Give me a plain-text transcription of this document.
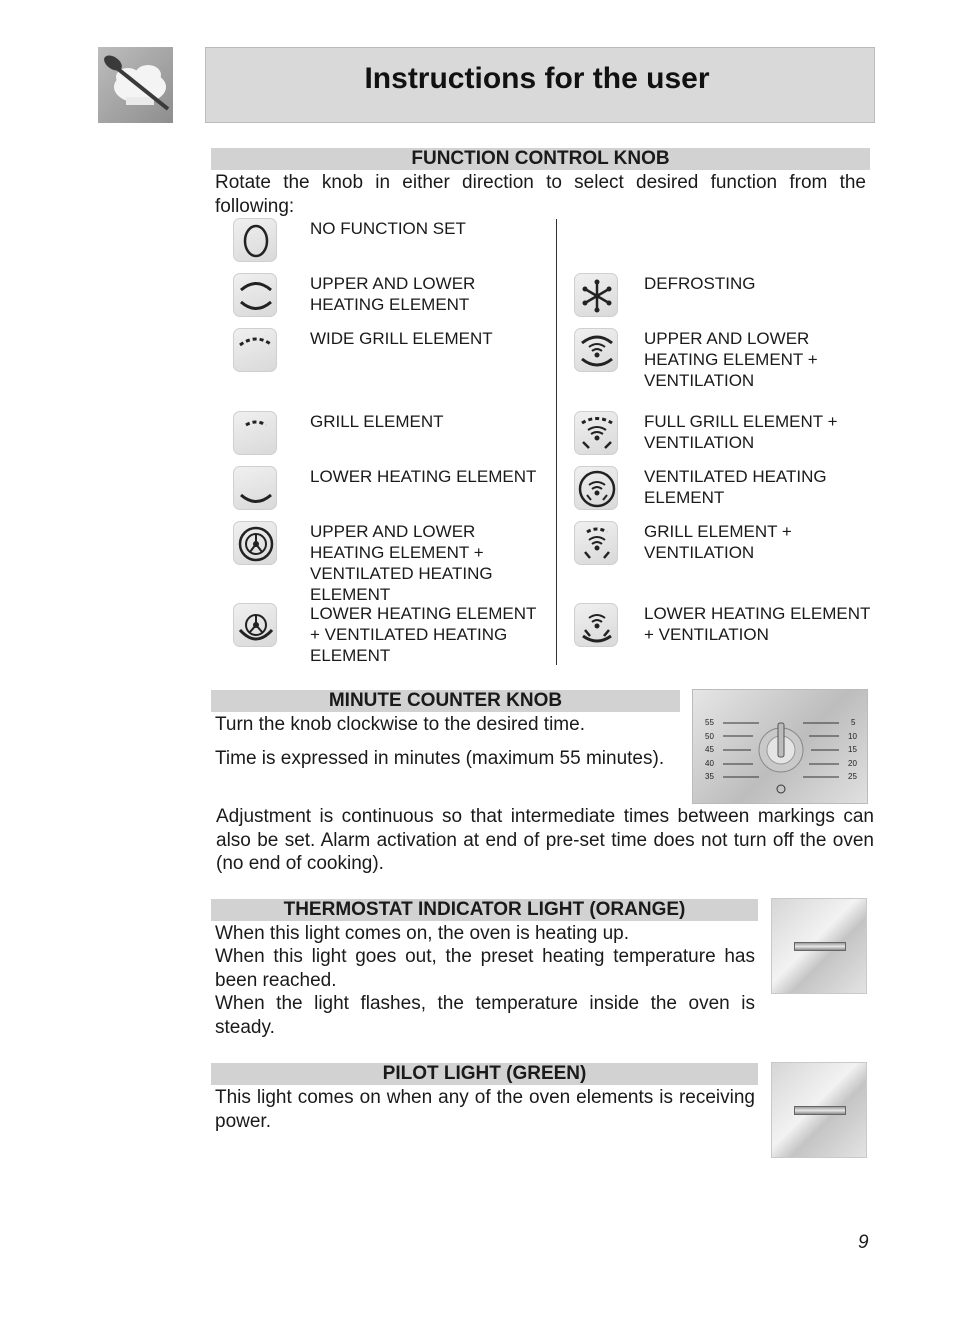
Instructions for the user
FUNCTION CONTROL KNOB
Rotate the knob in either direction to select desired function from the following:
NO FUNCTION SET
UPPER AND LOWER HEATING ELEMENT
WIDE GRILL ELEMENT
GRILL ELEMENT
LOWER HEATING ELEMENT
UPPER AND LOWER HEATING ELEMENT + VENTILATED HEATING ELEMENT
LOWER HEATING ELEMENT + VENTILATED HEATING ELEMENT
DEFROSTING
UPPER AND LOWER HEATING ELEMENT + VENTILATION
FULL GRILL ELEMENT + VENTILATION
VENTILATED HEATING ELEMENT
GRILL ELEMENT + VENTILATION
LOWER HEATING ELEMENT + VENTILATION
MINUTE COUNTER KNOB
Turn the knob clockwise to the desired time.
Time is expressed in minutes (maximum 55 minutes).
55
50
45
40
35
5
10
15
20
25
Adjustment is continuous so that intermediate times between markings can also be set. Alarm activation at end of pre-set time does not turn off the oven (no end of cooking).
THERMOSTAT INDICATOR LIGHT (ORANGE)
When this light comes on, the oven is heating up.
When this light goes out, the preset heating temperature has been reached.
When the light flashes, the temperature inside the oven is steady.
PILOT LIGHT (GREEN)
This light comes on when any of the oven elements is receiving power.
9
